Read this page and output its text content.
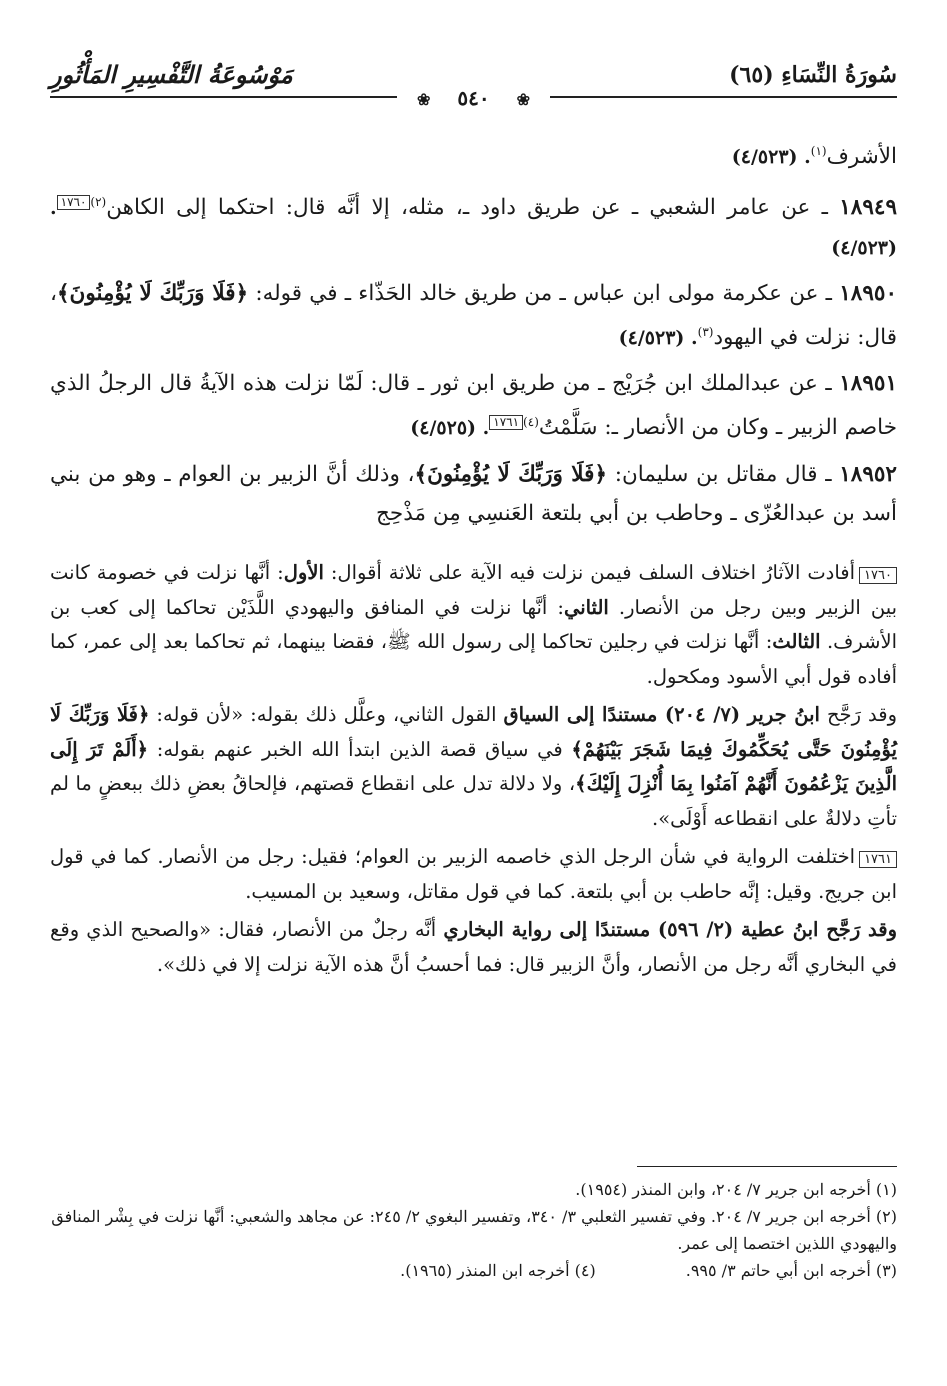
سُورَةُ النِّسَاءِ (٦٥)
مَوْسُوعَةُ التَّفْسِيرِ المَأْثُورِ
❀ ٥٤٠ ❀

الأشرف$^{(١)}$. (٤/٥٢٣)

١٨٩٤٩ ـ عن عامر الشعبي ـ عن طريق داود ـ، مثله، إلا أنَّه قال: احتكما إلى الكاهن$^{(٢)}$١٧٦٠. (٤/٥٢٣)

١٨٩٥٠ ـ عن عكرمة مولى ابن عباس ـ من طريق خالد الحَذّاء ـ في قوله: ﴿فَلَا وَرَبِّكَ لَا يُؤْمِنُونَ﴾، قال: نزلت في اليهود$^{(٣)}$. (٤/٥٢٣)

١٨٩٥١ ـ عن عبدالملك ابن جُرَيْج ـ من طريق ابن ثور ـ قال: لَمّا نزلت هذه الآيةُ قال الرجلُ الذي خاصم الزبير ـ وكان من الأنصار ـ: سَلَّمْتُ$^{(٤)}$١٧٦١. (٤/٥٢٥)

١٨٩٥٢ ـ قال مقاتل بن سليمان: ﴿فَلَا وَرَبِّكَ لَا يُؤْمِنُونَ﴾، وذلك أنَّ الزبير بن العوام ـ وهو من بني أسد بن عبدالعُزّى ـ وحاطب بن أبي بلتعة العَنسِي مِن مَذْحِج

١٧٦٠أفادت الآثارُ اختلاف السلف فيمن نزلت فيه الآية على ثلاثة أقوال: الأول: أنَّها نزلت في خصومة كانت بين الزبير وبين رجل من الأنصار. الثاني: أنَّها نزلت في المنافق واليهودي اللَّذَيْن تحاكما إلى كعب بن الأشرف. الثالث: أنَّها نزلت في رجلين تحاكما إلى رسول الله ﷺ، فقضا بينهما، ثم تحاكما بعد إلى عمر، كما أفاده قول أبي الأسود ومكحول.

وقد رَجَّح ابنُ جرير (٧/ ٢٠٤) مستندًا إلى السياق القول الثاني، وعلَّل ذلك بقوله: «لأن قوله: ﴿فَلَا وَرَبِّكَ لَا يُؤْمِنُونَ حَتَّى يُحَكِّمُوكَ فِيمَا شَجَرَ بَيْنَهُمْ﴾ في سياق قصة الذين ابتدأ الله الخبر عنهم بقوله: ﴿أَلَمْ تَرَ إِلَى الَّذِينَ يَزْعُمُونَ أَنَّهُمْ آمَنُوا بِمَا أُنْزِلَ إِلَيْكَ﴾، ولا دلالة تدل على انقطاع قصتهم، فإلحاقُ بعضِ ذلك ببعضٍ ما لم تأتِ دلالةٌ على انقطاعه أَوْلَى».

١٧٦١اختلفت الرواية في شأن الرجل الذي خاصمه الزبير بن العوام؛ فقيل: رجل من الأنصار. كما في قول ابن جريج. وقيل: إنَّه حاطب بن أبي بلتعة. كما في قول مقاتل، وسعيد بن المسيب.

وقد رَجَّح ابنُ عطية (٢/ ٥٩٦) مستندًا إلى رواية البخاري أنَّه رجلٌ من الأنصار، فقال: «والصحيح الذي وقع في البخاري أنَّه رجل من الأنصار، وأنَّ الزبير قال: فما أحسبُ أنَّ هذه الآية نزلت إلا في ذلك».

(١) أخرجه ابن جرير ٧/ ٢٠٤، وابن المنذر (١٩٥٤).

(٢) أخرجه ابن جرير ٧/ ٢٠٤. وفي تفسير الثعلبي ٣/ ٣٤٠، وتفسير البغوي ٢/ ٢٤٥: عن مجاهد والشعبي: أنَّها نزلت في بِشْر المنافق واليهودي اللذين اختصما إلى عمر.

(٣) أخرجه ابن أبي حاتم ٣/ ٩٩٥.

(٤) أخرجه ابن المنذر (١٩٦٥).
